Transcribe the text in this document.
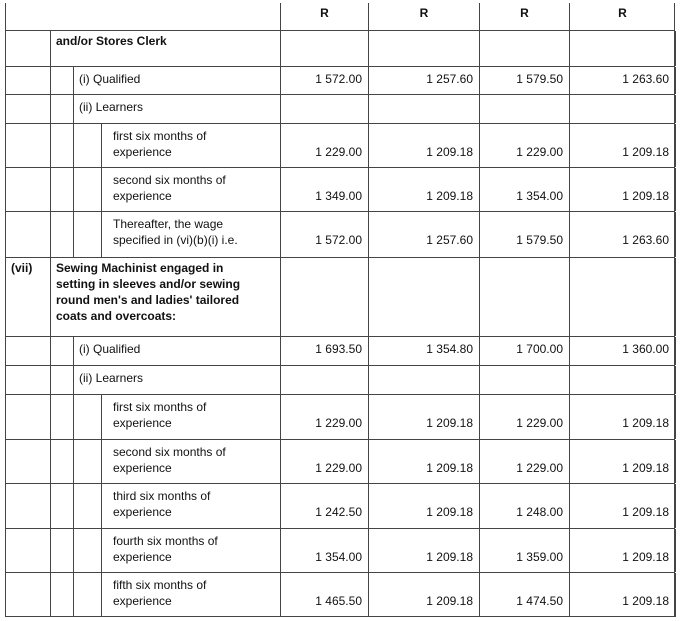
R	R	R	R
and/or Stores Clerk
(i) Qualified	1 572.00	1 257.60	1 579.50	1 263.60
(ii) Learners
first six months of
experience	1 229.00	1 209.18	1 229.00	1 209.18
second six months of
experience	1 349.00	1 209.18	1 354.00	1 209.18
Thereafter, the wage
specified in (vi)(b)(i) i.e.	1 572.00	1 257.60	1 579.50	1 263.60
(vii) Sewing Machinist engaged in
setting in sleeves and/or sewing
round men's and ladies' tailored
coats and overcoats:
(i) Qualified	1 693.50	1 354.80	1 700.00	1 360.00
(ii) Learners
first six months of
experience	1 229.00	1 209.18	1 229.00	1 209.18
second six months of
experience	1 229.00	1 209.18	1 229.00	1 209.18
third six months of
experience	1 242.50	1 209.18	1 248.00	1 209.18
fourth six months of
experience	1 354.00	1 209.18	1 359.00	1 209.18
fifth six months of
experience	1 465.50	1 209.18	1 474.50	1 209.18
